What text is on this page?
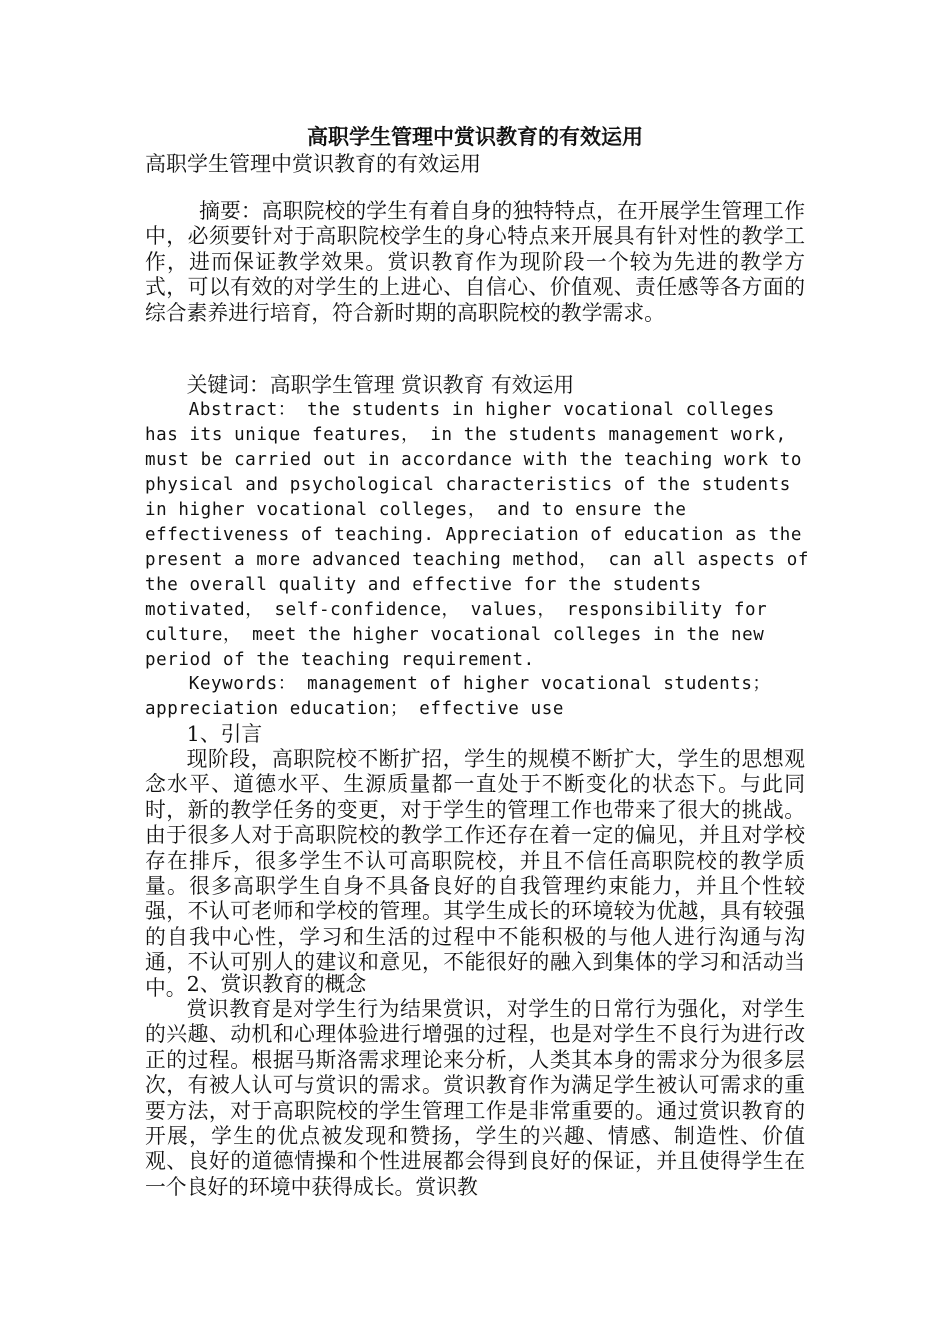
高职学生管理中赏识教育的有效运用
高职学生管理中赏识教育的有效运用
摘要：高职院校的学生有着自身的独特特点，在开展学生管理工作中，必须要针对于高职院校学生的身心特点来开展具有针对性的教学工作，进而保证教学效果。赏识教育作为现阶段一个较为先进的教学方式，可以有效的对学生的上进心、自信心、价值观、责任感等各方面的综合素养进行培育，符合新时期的高职院校的教学需求。
关键词：高职学生管理 赏识教育 有效运用
Abstract： the students in higher vocational colleges has its unique features， in the students management work, must be carried out in accordance with the teaching work to physical and psychological characteristics of the students in higher vocational colleges， and to ensure the effectiveness of teaching. Appreciation of education as the present a more advanced teaching method， can all aspects of the overall quality and effective for the students motivated， self-confidence， values， responsibility for culture， meet the higher vocational colleges in the new period of the teaching requirement.
Keywords： management of higher vocational students； appreciation education； effective use
1、引言
现阶段，高职院校不断扩招，学生的规模不断扩大，学生的思想观念水平、道德水平、生源质量都一直处于不断变化的状态下。与此同时，新的教学任务的变更，对于学生的管理工作也带来了很大的挑战。由于很多人对于高职院校的教学工作还存在着一定的偏见，并且对学校存在排斥，很多学生不认可高职院校，并且不信任高职院校的教学质量。很多高职学生自身不具备良好的自我管理约束能力，并且个性较强，不认可老师和学校的管理。其学生成长的环境较为优越，具有较强的自我中心性，学习和生活的过程中不能积极的与他人进行沟通与沟通，不认可别人的建议和意见，不能很好的融入到集体的学习和活动当中。 2、赏识教育的概念
赏识教育是对学生行为结果赏识，对学生的日常行为强化，对学生的兴趣、动机和心理体验进行增强的过程，也是对学生不良行为进行改正的过程。根据马斯洛需求理论来分析，人类其本身的需求分为很多层次，有被人认可与赏识的需求。赏识教育作为满足学生被认可需求的重要方法，对于高职院校的学生管理工作是非常重要的。通过赏识教育的开展，学生的优点被发现和赞扬，学生的兴趣、情感、制造性、价值观、良好的道德情操和个性进展都会得到良好的保证，并且使得学生在一个良好的环境中获得成长。赏识教
